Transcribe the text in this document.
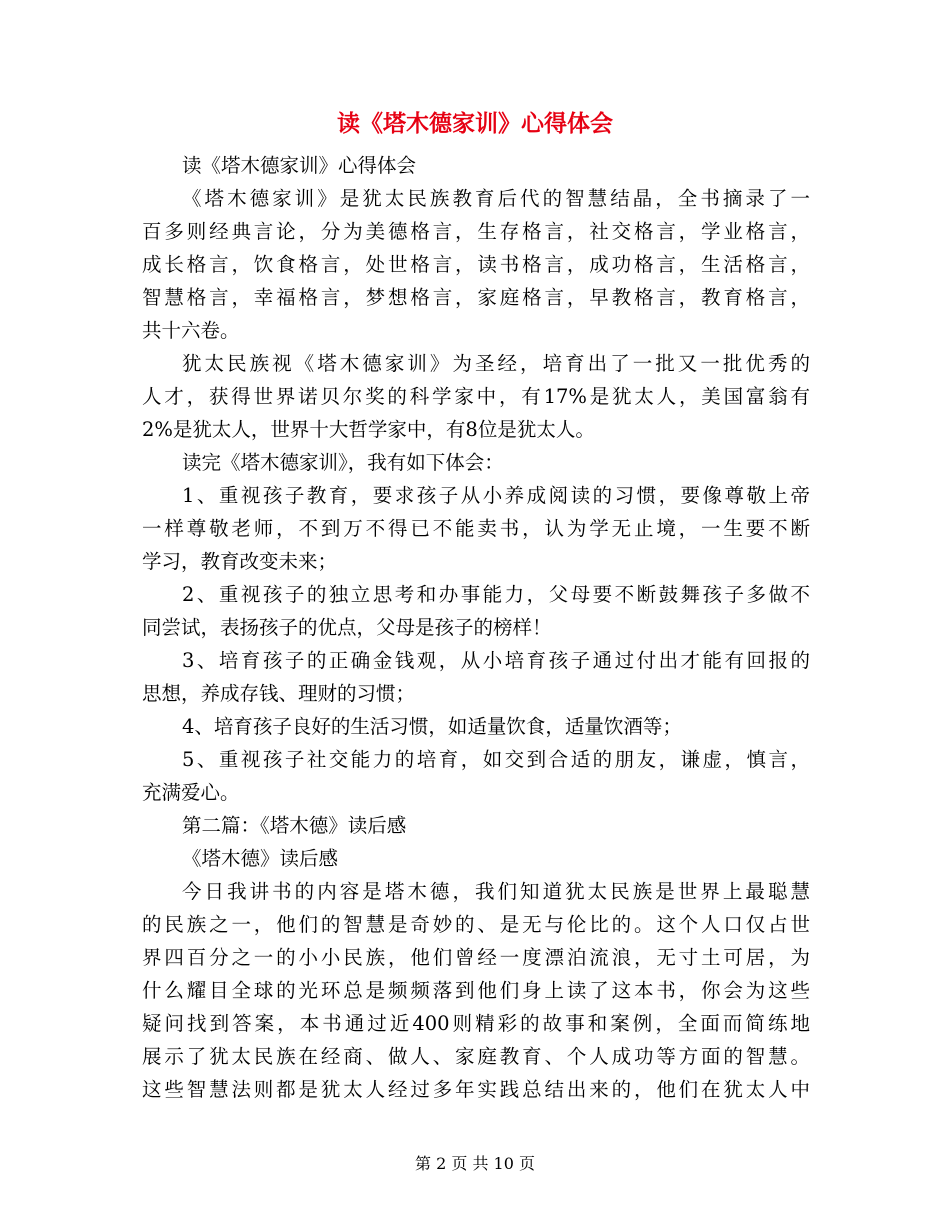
读《塔木德家训》心得体会
读《塔木德家训》心得体会
《塔木德家训》是犹太民族教育后代的智慧结晶，全书摘录了一
百多则经典言论，分为美德格言，生存格言，社交格言，学业格言，
成长格言，饮食格言，处世格言，读书格言，成功格言，生活格言，
智慧格言，幸福格言，梦想格言，家庭格言，早教格言，教育格言，
共十六卷。
犹太民族视《塔木德家训》为圣经，培育出了一批又一批优秀的
人才，获得世界诺贝尔奖的科学家中，有17%是犹太人，美国富翁有
2%是犹太人，世界十大哲学家中，有8位是犹太人。
读完《塔木德家训》，我有如下体会：
1、重视孩子教育，要求孩子从小养成阅读的习惯，要像尊敬上帝
一样尊敬老师，不到万不得已不能卖书，认为学无止境，一生要不断
学习，教育改变未来；
2、重视孩子的独立思考和办事能力，父母要不断鼓舞孩子多做不
同尝试，表扬孩子的优点，父母是孩子的榜样！
3、培育孩子的正确金钱观，从小培育孩子通过付出才能有回报的
思想，养成存钱、理财的习惯；
4、培育孩子良好的生活习惯，如适量饮食，适量饮酒等；
5、重视孩子社交能力的培育，如交到合适的朋友，谦虚，慎言，
充满爱心。
第二篇：《塔木德》读后感
《塔木德》读后感
今日我讲书的内容是塔木德，我们知道犹太民族是世界上最聪慧
的民族之一，他们的智慧是奇妙的、是无与伦比的。这个人口仅占世
界四百分之一的小小民族，他们曾经一度漂泊流浪，无寸土可居，为
什么耀目全球的光环总是频频落到他们身上读了这本书，你会为这些
疑问找到答案，本书通过近400则精彩的故事和案例，全面而简练地
展示了犹太民族在经商、做人、家庭教育、个人成功等方面的智慧。
这些智慧法则都是犹太人经过多年实践总结出来的，他们在犹太人中
第 2 页 共 10 页
